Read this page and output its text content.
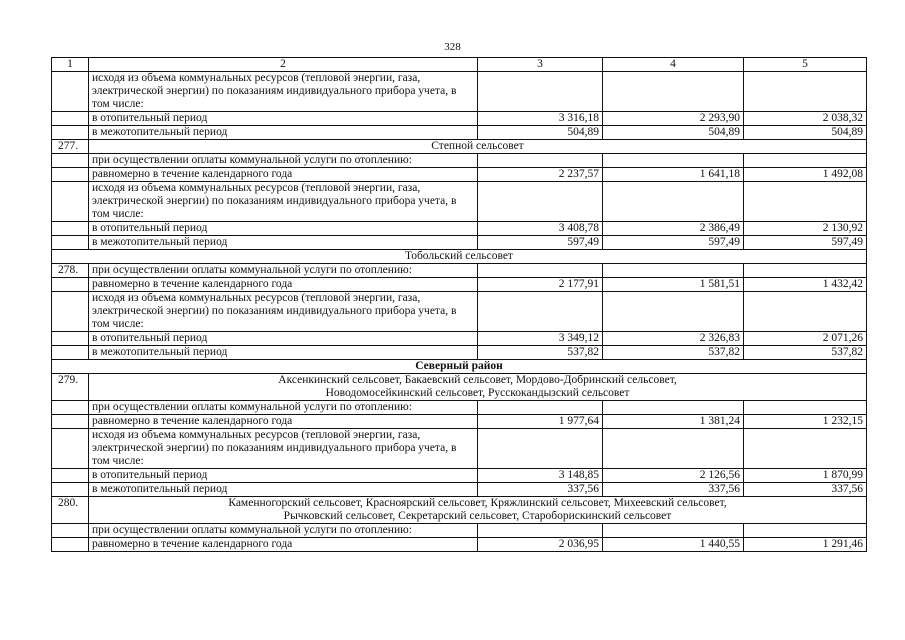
328
1	2	3	4	5
	исходя из объема коммунальных ресурсов (тепловой энергии, газа, электрической энергии) по показаниям индивидуального прибора учета, в том числе:			
	в отопительный период	3 316,18	2 293,90	2 038,32
	в межотопительный период	504,89	504,89	504,89
277.	Степной сельсовет			
	при осуществлении оплаты коммунальной услуги по отоплению:			
	равномерно в течение календарного года	2 237,57	1 641,18	1 492,08
	исходя из объема коммунальных ресурсов (тепловой энергии, газа, электрической энергии) по показаниям индивидуального прибора учета, в том числе:			
	в отопительный период	3 408,78	2 386,49	2 130,92
	в межотопительный период	597,49	597,49	597,49
Тобольский сельсовет				
278.	при осуществлении оплаты коммунальной услуги по отоплению:			
	равномерно в течение календарного года	2 177,91	1 581,51	1 432,42
	исходя из объема коммунальных ресурсов (тепловой энергии, газа, электрической энергии) по показаниям индивидуального прибора учета, в том числе:			
	в отопительный период	3 349,12	2 326,83	2 071,26
	в межотопительный период	537,82	537,82	537,82
Северный район				
279.	Аксенкинский сельсовет, Бакаевский сельсовет, Мордово-Добринский сельсовет,
Новодомосейкинский сельсовет, Русскокандызский сельсовет			

	при осуществлении оплаты коммунальной услуги по отоплению:			
	равномерно в течение календарного года	1 977,64	1 381,24	1 232,15
	исходя из объема коммунальных ресурсов (тепловой энергии, газа, электрической энергии) по показаниям индивидуального прибора учета, в том числе:			
	в отопительный период	3 148,85	2 126,56	1 870,99
	в межотопительный период	337,56	337,56	337,56
280.	Каменногорский сельсовет, Красноярский сельсовет, Кряжлинский сельсовет, Михеевский сельсовет,
Рычковский сельсовет, Секретарский сельсовет, Староборискинский сельсовет			

	при осуществлении оплаты коммунальной услуги по отоплению:			
	равномерно в течение календарного года	2 036,95	1 440,55	1 291,46
